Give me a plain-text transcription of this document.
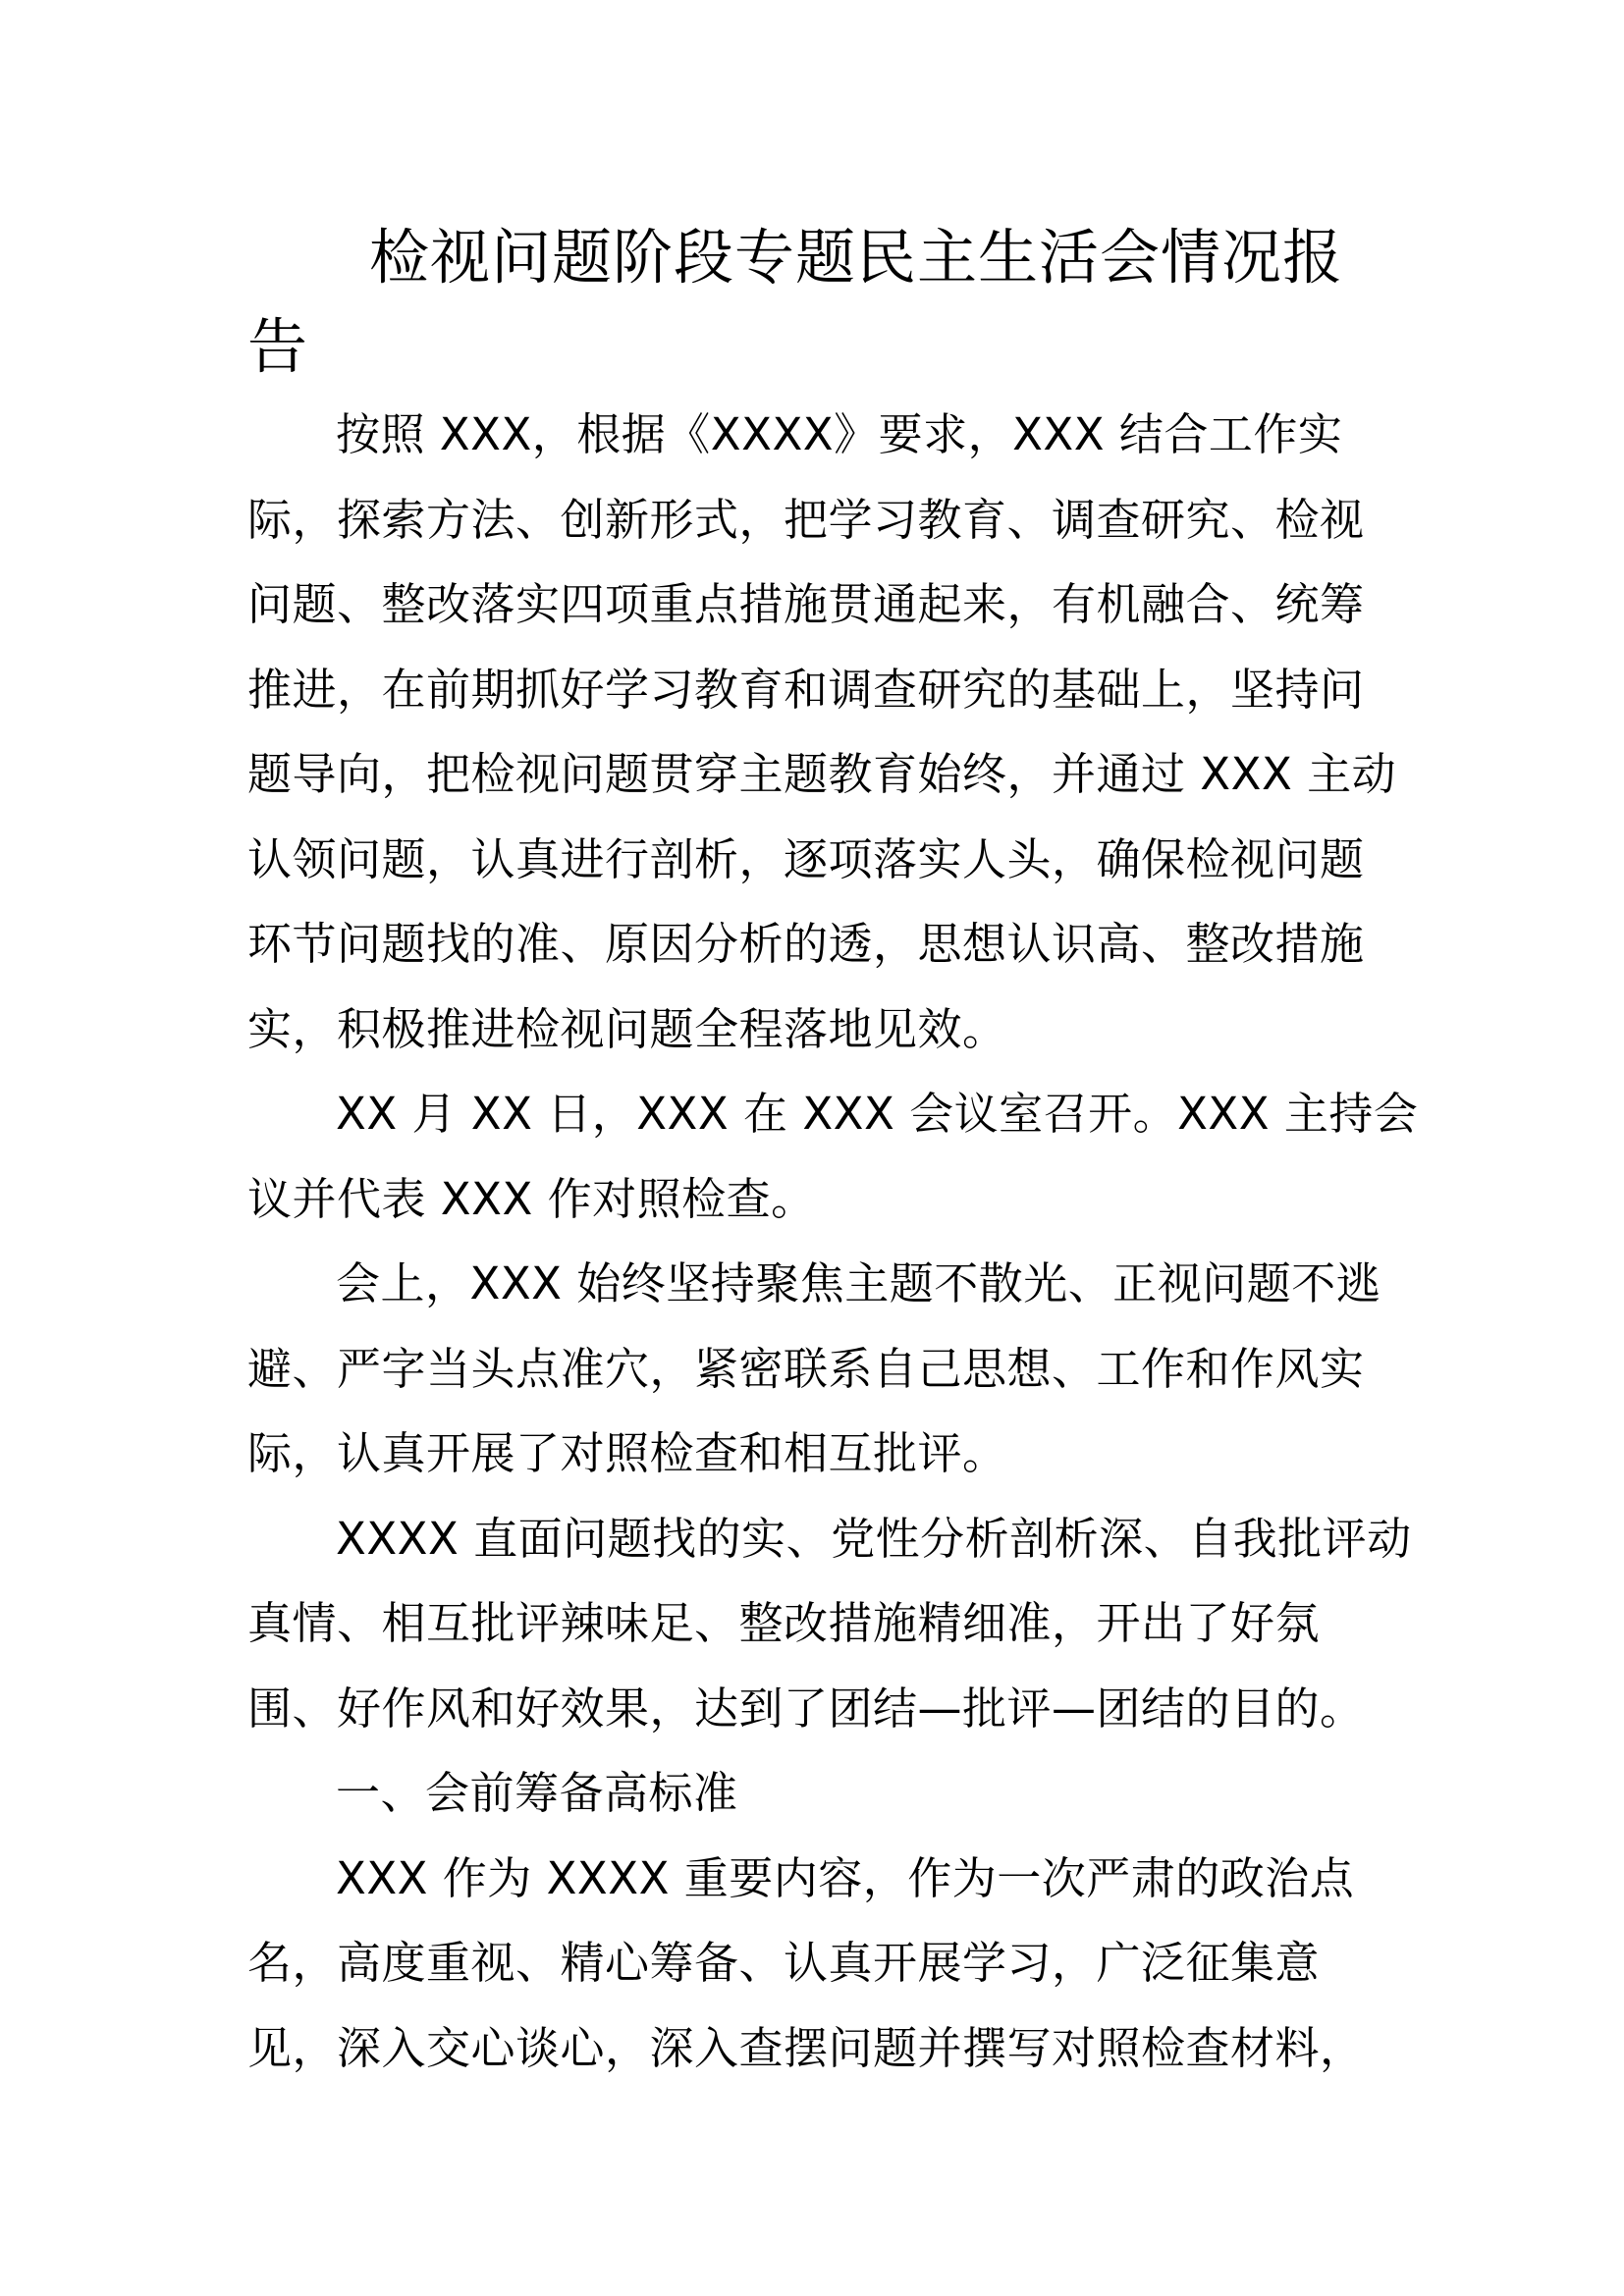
检视问题阶段专题民主生活会情况报
告
按照 XXX，根据《XXXX》要求，XXX 结合工作实
际，探索方法、创新形式，把学习教育、调查研究、检视
问题、整改落实四项重点措施贯通起来，有机融合、统筹
推进，在前期抓好学习教育和调查研究的基础上，坚持问
题导向，把检视问题贯穿主题教育始终，并通过 XXX 主动
认领问题，认真进行剖析，逐项落实人头，确保检视问题
环节问题找的准、原因分析的透，思想认识高、整改措施
实，积极推进检视问题全程落地见效。
XX 月 XX 日，XXX 在 XXX 会议室召开。XXX 主持会
议并代表 XXX 作对照检查。
会上，XXX 始终坚持聚焦主题不散光、正视问题不逃
避、严字当头点准穴，紧密联系自己思想、工作和作风实
际，认真开展了对照检查和相互批评。
XXXX 直面问题找的实、党性分析剖析深、自我批评动
真情、相互批评辣味足、整改措施精细准，开出了好氛
围、好作风和好效果，达到了团结—批评—团结的目的。
一、会前筹备高标准
XXX 作为 XXXX 重要内容，作为一次严肃的政治点
名，高度重视、精心筹备、认真开展学习，广泛征集意
见，深入交心谈心，深入查摆问题并撰写对照检查材料，
